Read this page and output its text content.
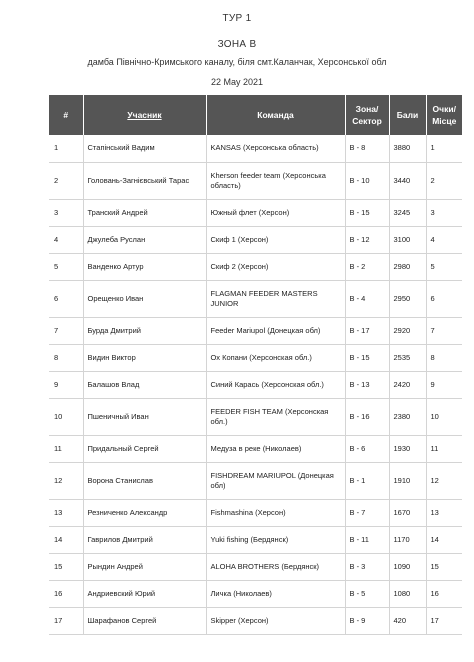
ТУР 1
ЗОНА В
дамба Північно-Кримського каналу, біля смт.Каланчак, Херсонської обл
22 May 2021
#	Учасник	Команда	Зона/Сектор	Бали	Очки/Місце
1	Стапінський Вадим	KANSAS (Херсонська область)	B - 8	3880	1
2	Головань-Загнієвський Тарас	Kherson feeder team (Херсонська область)	B - 10	3440	2
3	Транский Андрей	Южный флет (Херсон)	B - 15	3245	3
4	Джулеба Руслан	Скиф 1 (Херсон)	B - 12	3100	4
5	Ванденко Артур	Скиф 2 (Херсон)	B - 2	2980	5
6	Орещенко Иван	FLAGMAN FEEDER MASTERS JUNIOR	B - 4	2950	6
7	Бурда Дмитрий	Feeder Mariupol (Донецкая обл)	B - 17	2920	7
8	Видин Виктор	Ох Копани (Херсонская обл.)	B - 15	2535	8
9	Балашов Влад	Синий Карась (Херсонская обл.)	B - 13	2420	9
10	Пшеничный Иван	FEEDER FISH TEAM (Херсонская обл.)	B - 16	2380	10
11	Придальный Сергей	Медуза в реке (Николаев)	B - 6	1930	11
12	Ворона Станислав	FISHDREAM MARIUPOL (Донецкая обл)	B - 1	1910	12
13	Резниченко Александр	Fishmashina (Херсон)	B - 7	1670	13
14	Гаврилов Дмитрий	Yuki fishing (Бердянск)	B - 11	1170	14
15	Рындин Андрей	ALOHA BROTHERS (Бердянск)	B - 3	1090	15
16	Андриевский Юрий	Личка (Николаев)	B - 5	1080	16
17	Шарафанов Сергей	Skipper (Херсон)	B - 9	420	17
